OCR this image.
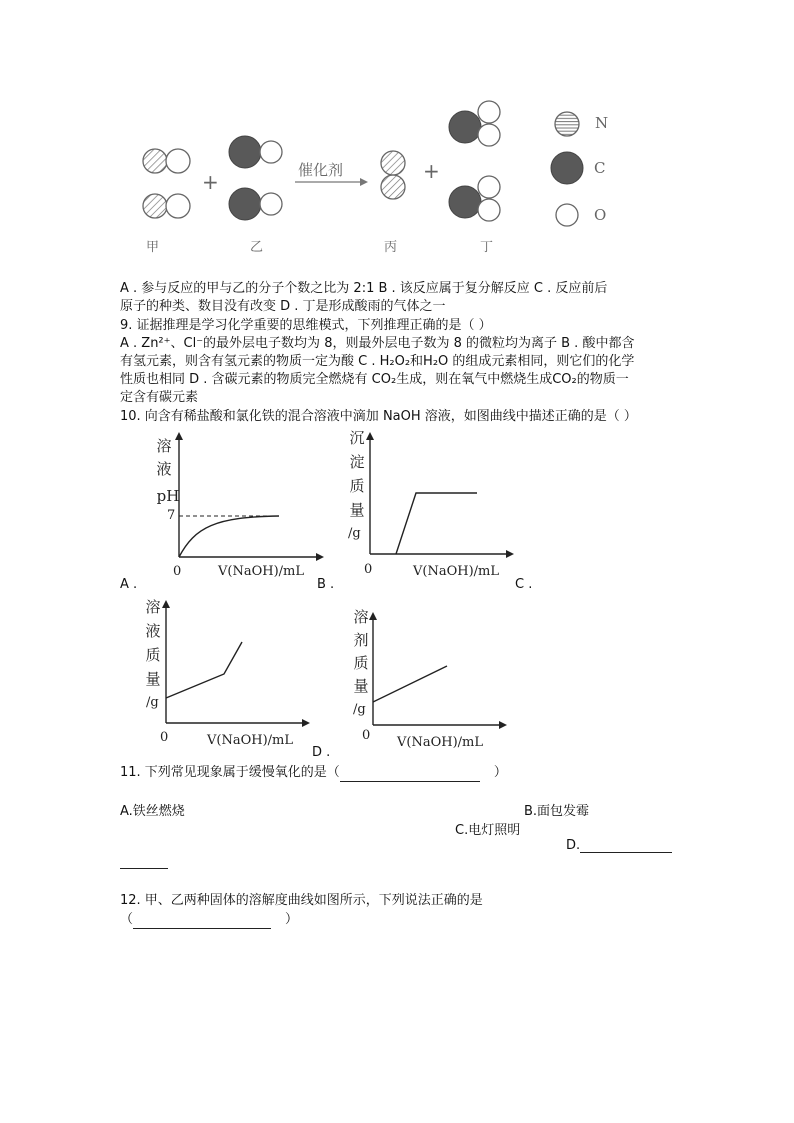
+	催化剂	+
N
C
O
甲	乙	丙	丁
A . 参与反应的甲与乙的分子个数之比为 2:1 B . 该反应属于复分解反应 C . 反应前后
原子的种类、数目没有改变 D . 丁是形成酸雨的气体之一
9. 证据推理是学习化学重要的思维模式，下列推理正确的是（ ）
A . Zn²⁺、Cl⁻的最外层电子数均为 8，则最外层电子数为 8 的微粒均为离子 B . 酸中都含
有氢元素，则含有氢元素的物质一定为酸 C . H₂O₂和H₂O 的组成元素相同，则它们的化学
性质也相同 D . 含碳元素的物质完全燃烧有 CO₂生成，则在氧气中燃烧生成CO₂的物质一
定含有碳元素
10. 向含有稀盐酸和氯化铁的混合溶液中滴加 NaOH 溶液，如图曲线中描述正确的是（ ）
溶
液
pH
7
0	V(NaOH)/mL
A .
沉
淀
质
量
/g
0	V(NaOH)/mL
B .	C .
溶
液
质
量
/g
0	V(NaOH)/mL
溶
剂
质
量
/g
0 V(NaOH)/mL
D .
11. 下列常见现象属于缓慢氧化的是（	）
A.铁丝燃烧	B.面包发霉
C.电灯照明
D.
12. 甲、乙两种固体的溶解度曲线如图所示，下列说法正确的是
（	）
